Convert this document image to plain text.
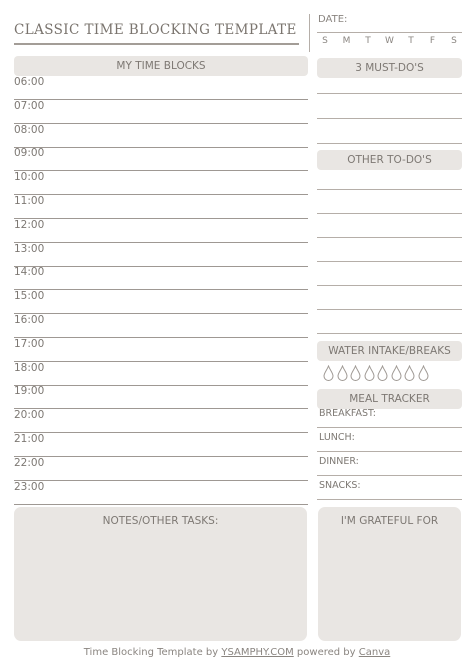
CLASSIC TIME BLOCKING TEMPLATE
DATE:
S	M	T	W	T	F	S
MY TIME BLOCKS
06:00
07:00
08:00
09:00
10:00
11:00
12:00
13:00
14:00
15:00
16:00
17:00
18:00
19:00
20:00
21:00
22:00
23:00
3 MUST-DO'S
OTHER TO-DO'S
WATER INTAKE/BREAKS
MEAL TRACKER
BREAKFAST:
LUNCH:
DINNER:
SNACKS:
NOTES/OTHER TASKS:	I'M GRATEFUL FOR
Time Blocking Template by YSAMPHY.COM powered by Canva
